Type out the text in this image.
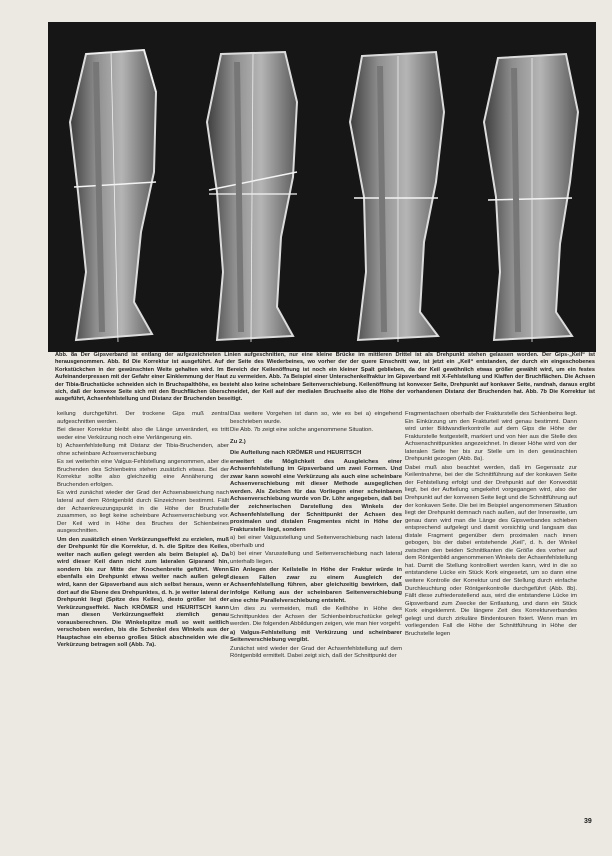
Abb. 8a Der Gipsverband ist entlang der aufgezeichneten Linien aufgeschnitten, nur eine kleine Brücke im mittleren Drittel ist als Drehpunkt stehen gelassen worden. Der Gips-„Keil“ ist herausgenommen. Abb. 8d Die Korrektur ist ausgeführt. Auf der Seite des Wiederbeines, wo vorher der der quere Einschnitt war, ist jetzt ein „Keil“ entstanden, der durch ein eingeschobenes Korkstückchen in der gewünschten Weite gehalten wird. Im Bereich der Keilenöffnung ist noch ein kleiner Spalt geblieben, da der Keil gewöhnlich etwas größer gewählt wird, um ein festes Aufeinanderpressen mit der Gefahr einer Einklemmung der Haut zu vermeiden. Abb. 7a Beispiel einer Unterschenkelfraktur im Gipsverband mit X-Fehlstellung und Klaffen der Bruchflächen. Die Achsen der Tibia-Bruchstücke schneiden sich in Bruchspalthöhe, es besteht also keine scheinbare Seitenverschiebung. Keilenöffnung ist konvexer Seite, Drehpunkt auf konkaver Seite, randnah, daraus ergibt sich, daß der konvexe Seite sich mit den Bruchflächen überschneidet, der Keil auf der medialen Bruchseite also die Höhe der vorhandenen Distanz der Bruchenden hat. Abb. 7b Die Korrektur ist ausgeführt, Achsenfehlstellung und Distanz der Bruchenden beseitigt.

keilung durchgeführt. Der trockene Gips muß zentral aufgeschnitten werden.

Bei dieser Korrektur bleibt also die Länge unverändert, es tritt weder eine Verkürzung noch eine Verlängerung ein.

b) Achsenfehlstellung mit Distanz der Tibia-Bruchenden, aber ohne scheinbare Achsenverschiebung

Es sei weiterhin eine Valgus-Fehlstellung angenommen, aber die Bruchenden des Schienbeins stehen zusätzlich etwas. Bei der Korrektur sollte also gleichzeitig eine Annäherung der Bruchenden erfolgen.

Es wird zunächst wieder der Grad der Achsenabweichung nach lateral auf dem Röntgenbild durch Einzeichnen bestimmt. Fällt der Achsenkreuzungspunkt in die Höhe der Bruchstelle zusammen, so liegt keine scheinbare Achsenverschiebung vor. Der Keil wird in Höhe des Bruches der Schienbeines ausgeschnitten.

Um den zusätzlich einen Verkürzungseffekt zu erzielen, muß der Drehpunkt für die Korrektur, d. h. die Spitze des Keiles, weiter nach außen gelegt werden als beim Beispiel a). Da wird dieser Keil dann nicht zum lateralen Gipsrand hin, sondern bis zur Mitte der Knochenbreite geführt. Wenn ebenfalls ein Drehpunkt etwas weiter nach außen gelegt wird, kann der Gipsverband aus sich selbst heraus, wenn er dort auf die Ebene des Drehpunktes, d. h. je weiter lateral der Drehpunkt liegt (Spitze des Keiles), desto größer ist der Verkürzungseffekt. Nach KRÖMER und HEURITSCH kann man diesen Verkürzungseffekt ziemlich genau vorausberechnen. Die Winkelspitze muß so weit seitlich verschoben werden, bis die Schenkel des Winkels aus der Hauptachse ein ebenso großes Stück abschneiden wie die Verkürzung betragen soll (Abb. 7a).

Das weitere Vorgehen ist dann so, wie es bei a) eingehend beschrieben wurde.

Die Abb. 7b zeigt eine solche angenommene Situation.

Zu 2.)

Die Aufteilung nach KRÖMER und HEURITSCH

erweitert die Möglichkeit des Ausgleiches einer Achsenfehlstellung im Gipsverband um zwei Formen. Und zwar kann sowohl eine Verkürzung als auch eine scheinbare Achsenverschiebung mit dieser Methode ausgeglichen werden. Als Zeichen für das Vorliegen einer scheinbaren Achsenverschiebung wurde von Dr. Löhr angegeben, daß bei der zeichnerischen Darstellung des Winkels der Achsenfehlstellung der Schnittpunkt der Achsen des proximalen und distalen Fragmentes nicht in Höhe der Frakturstelle liegt, sondern

a) bei einer Valgusstellung und Seitenverschiebung nach lateral oberhalb und

b) bei einer Varusstellung und Seitenverschiebung nach lateral unterhalb liegen.

Ein Anlegen der Keilstelle in Höhe der Fraktur würde in diesen Fällen zwar zu einem Ausgleich der Achsenfehlstellung führen, aber gleichzeitig bewirken, daß infolge Keilung aus der scheinbaren Seitenverschiebung eine echte Parallelverschiebung entsteht.

Um dies zu vermeiden, muß die Keilhöhe in Höhe des Schnittpunktes der Achsen der Schienbeinbruchstücke gelegt werden. Die folgenden Abbildungen zeigen, wie man hier vorgeht.

a) Valgus-Fehlstellung mit Verkürzung und scheinbarer Seitenverschiebung vergibt.

Zunächst wird wieder der Grad der Achsenfehlstellung auf dem Röntgenbild ermittelt. Dabei zeigt sich, daß der Schnittpunkt der

Fragmentachsen oberhalb der Frakturstelle des Schienbeins liegt. Ein Einkürzung um den Frakturteil wird genau bestimmt. Dann wird unter Bildwandlerkontrolle auf dem Gips die Höhe der Frakturstelle festgestellt, markiert und von hier aus die Stelle des Achsenschnittpunktes angezeichnet. In dieser Höhe wird von der lateralen Seite her bis zur Stelle um in den gewünschten Drehpunkt gezogen (Abb. 8a).

Dabei muß also beachtet werden, daß im Gegensatz zur Keilentnahme, bei der die Schnittführung auf der konkaven Seite der Fehlstellung erfolgt und der Drehpunkt auf der Konvexität liegt, bei der Aufteilung umgekehrt vorgegangen wird, also der Drehpunkt auf der konvexen Seite liegt und die Schnittführung auf der konkaven Seite. Die bei im Beispiel angenommenen Situation liegt der Drehpunkt demnach nach außen, auf der Innenseite, um genau dann wird man die Länge des Gipsverbandes schieben entsprechend aufgelegt und damit vorsichtig und langsam das distale Fragment gegenüber dem proximalen nach innen gebogen, bis der dabei entstehende „Keil“, d. h. der Winkel zwischen den beiden Schnittkanten die Größe des vorher auf dem Röntgenbild angenommenen Winkels der Achsenfehlstellung hat. Damit die Stellung kontrolliert werden kann, wird in die so entstandene Lücke ein Stück Kork eingesetzt, um so dann eine weitere Kontrolle der Korrektur und der Stellung durch einfache Durchleuchtung oder Röntgenkontrolle durchgeführt (Abb. 8b). Fällt diese zufriedenstellend aus, wird die entstandene Lücke im Gipsverband zum Zwecke der Entlastung, und dann ein Stück Kork eingeklemmt. Die längere Zeit des Korrekturverbandes gelegt und durch zirkuläre Bindentouren fixiert. Wenn man im vorliegenden Fall die Höhe der Schnittführung in Höhe der Bruchstelle legen

39
